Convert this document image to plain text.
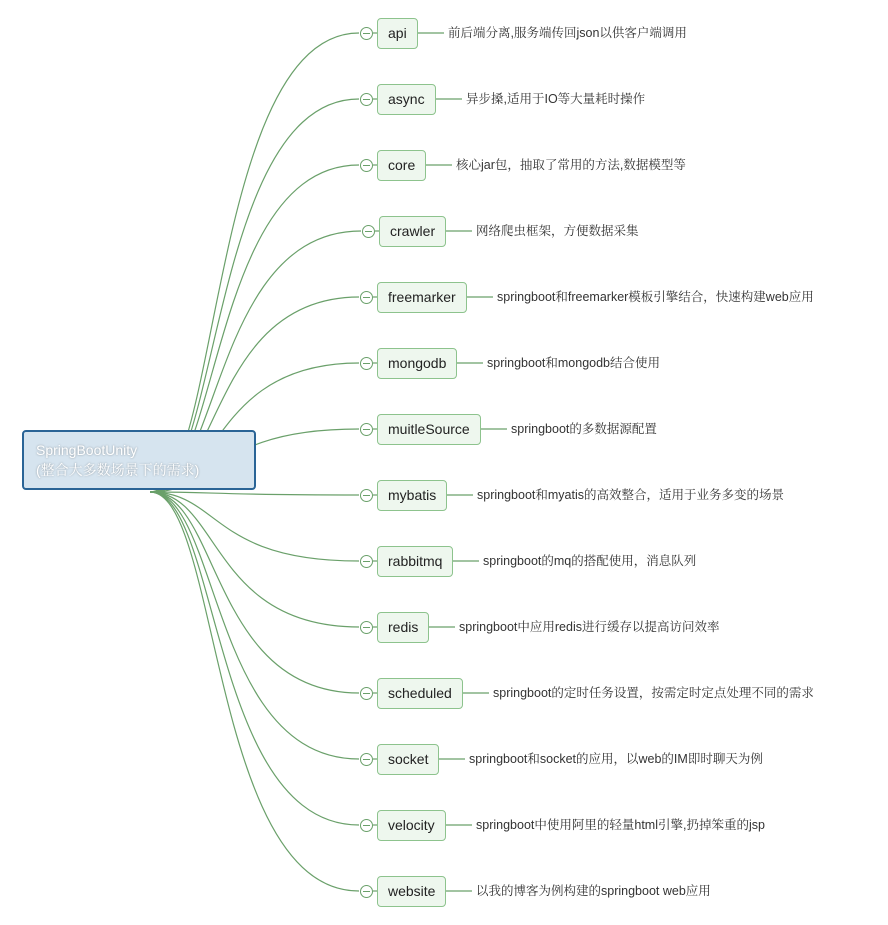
SpringBootUnity
(整合大多数场景下的需求)
api	前后端分离,服务端传回json以供客户端调用
async	异步搡,适用于IO等大量耗时操作
core	核心jar包，抽取了常用的方法,数据模型等
crawler	网络爬虫框架，方便数据采集
freemarker	springboot和freemarker模板引擎结合，快速构建web应用
mongodb	springboot和mongodb结合使用
muitleSource	springboot的多数据源配置
mybatis	springboot和myatis的高效整合，适用于业务多变的场景
rabbitmq	springboot的mq的搭配使用，消息队列
redis	springboot中应用redis进行缓存以提高访问效率
scheduled	springboot的定时任务设置，按需定时定点处理不同的需求
socket	springboot和socket的应用，以web的IM即时聊天为例
velocity	springboot中使用阿里的轻量html引擎,扔掉笨重的jsp
website	以我的博客为例构建的springboot web应用
